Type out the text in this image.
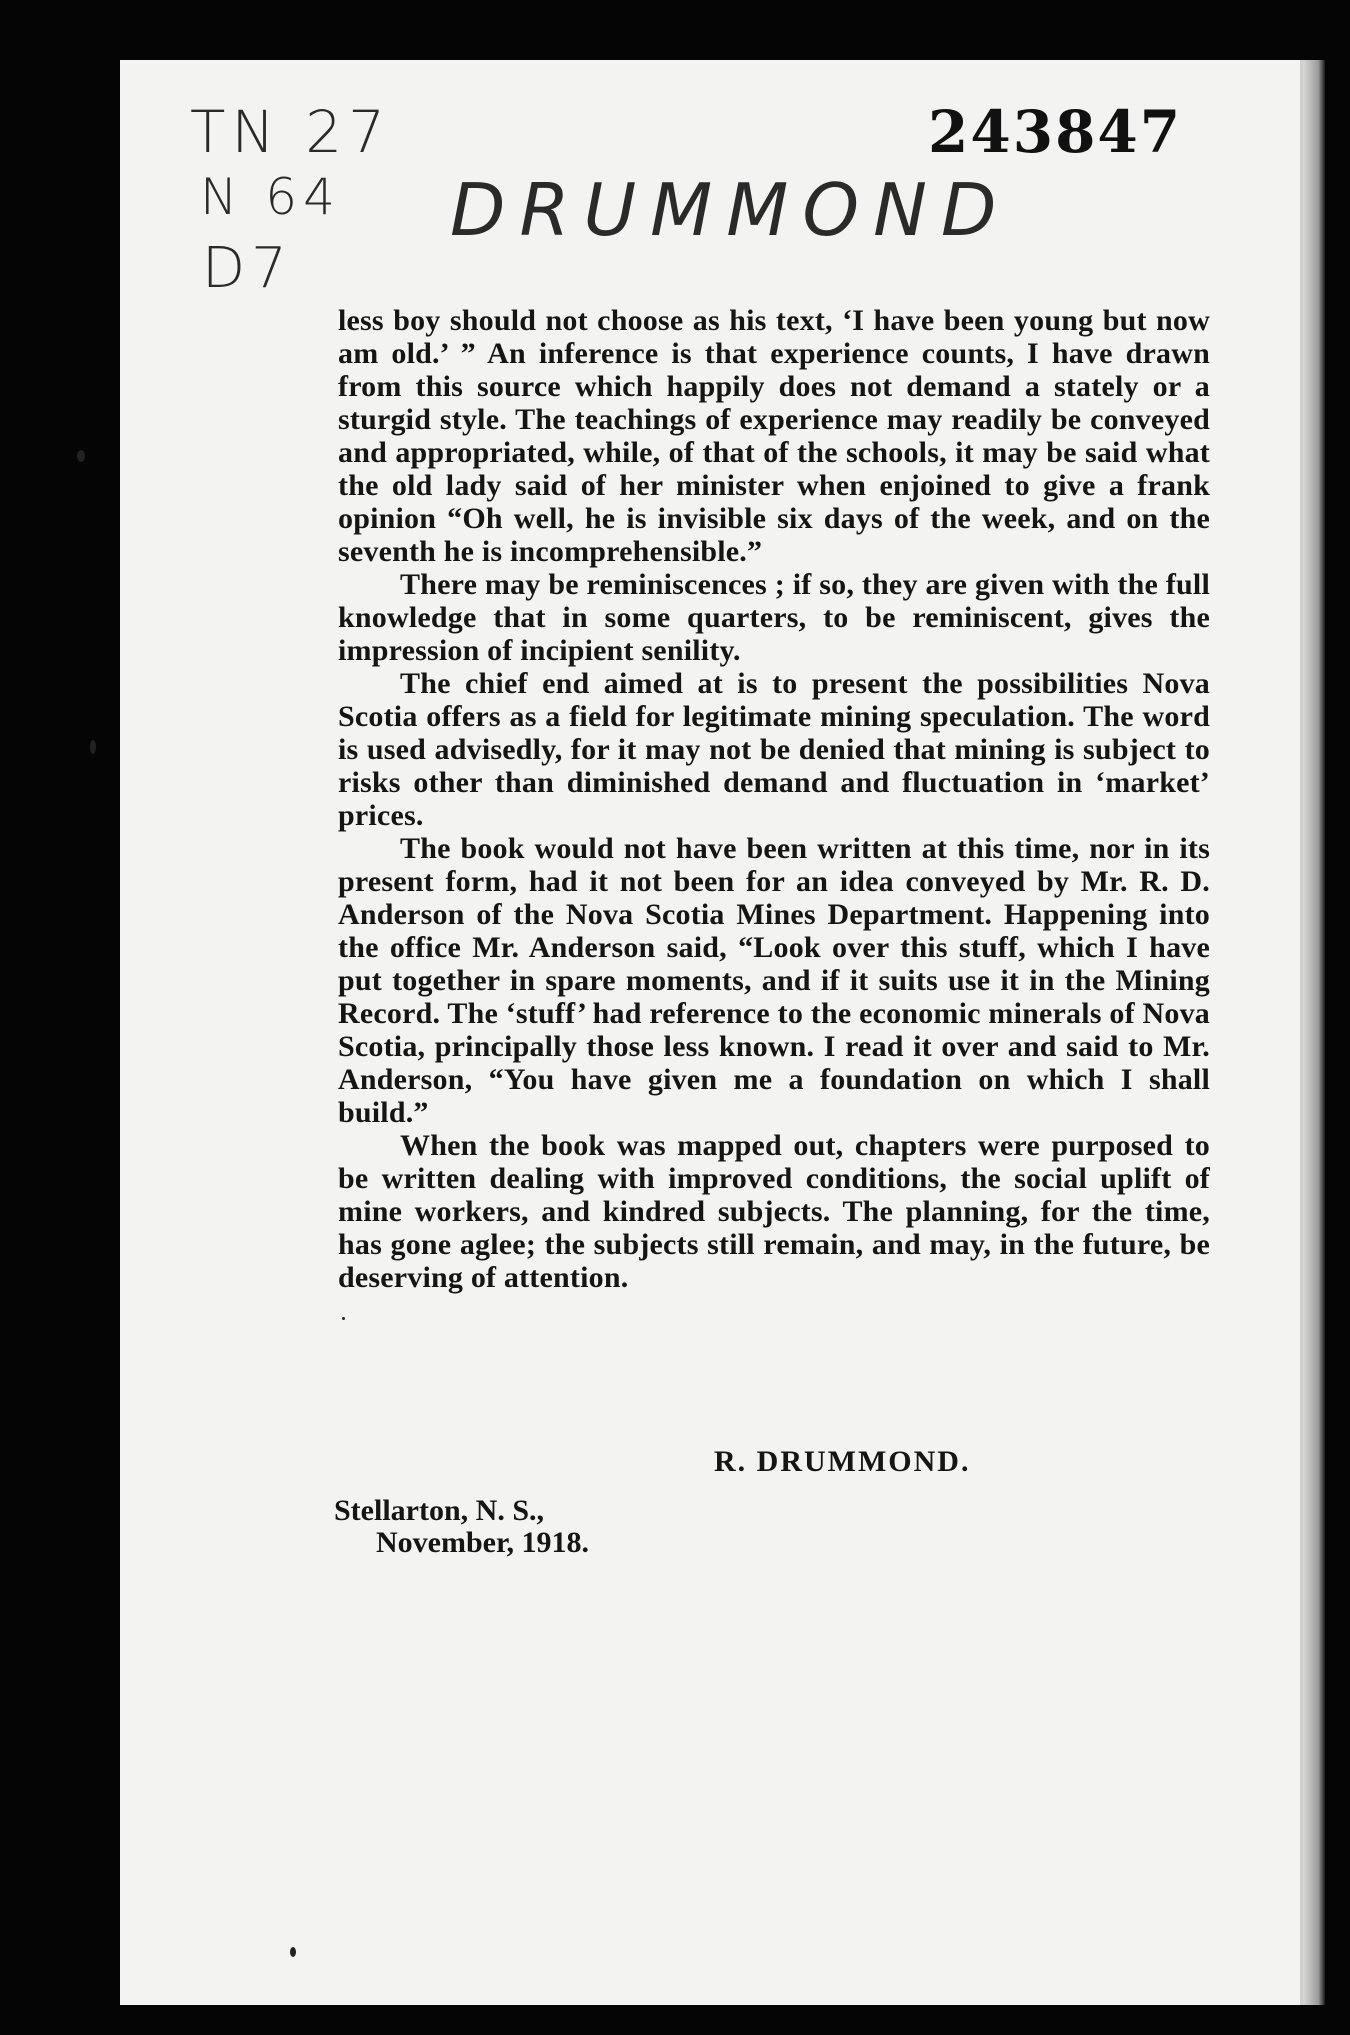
TN 27
N 64
D7
DRUMMOND
243847

less boy should not choose as his text, ‘I have been young but now am old.’ ” An inference is that experience counts, I have drawn from this source which happily does not demand a stately or a sturgid style. The teachings of experience may readily be conveyed and appropriated, while, of that of the schools, it may be said what the old lady said of her minister when enjoined to give a frank opinion “Oh well, he is invisible six days of the week, and on the seventh he is incomprehensible.”

There may be reminiscences ; if so, they are given with the full knowledge that in some quarters, to be reminiscent, gives the impression of incipient senility.

The chief end aimed at is to present the possibilities Nova Scotia offers as a field for legitimate mining speculation. The word is used advisedly, for it may not be denied that mining is subject to risks other than diminished demand and fluctuation in ‘market’ prices.

The book would not have been written at this time, nor in its present form, had it not been for an idea conveyed by Mr. R. D. Anderson of the Nova Scotia Mines Department. Happening into the office Mr. Anderson said, “Look over this stuff, which I have put together in spare moments, and if it suits use it in the Mining Record. The ‘stuff’ had reference to the economic minerals of Nova Scotia, principally those less known. I read it over and said to Mr. Anderson, “You have given me a foundation on which I shall build.”

When the book was mapped out, chapters were purposed to be written dealing with improved conditions, the social uplift of mine workers, and kindred subjects. The planning, for the time, has gone aglee; the subjects still remain, and may, in the future, be deserving of attention.

R. DRUMMOND.
Stellarton, N. S.,
November, 1918.
